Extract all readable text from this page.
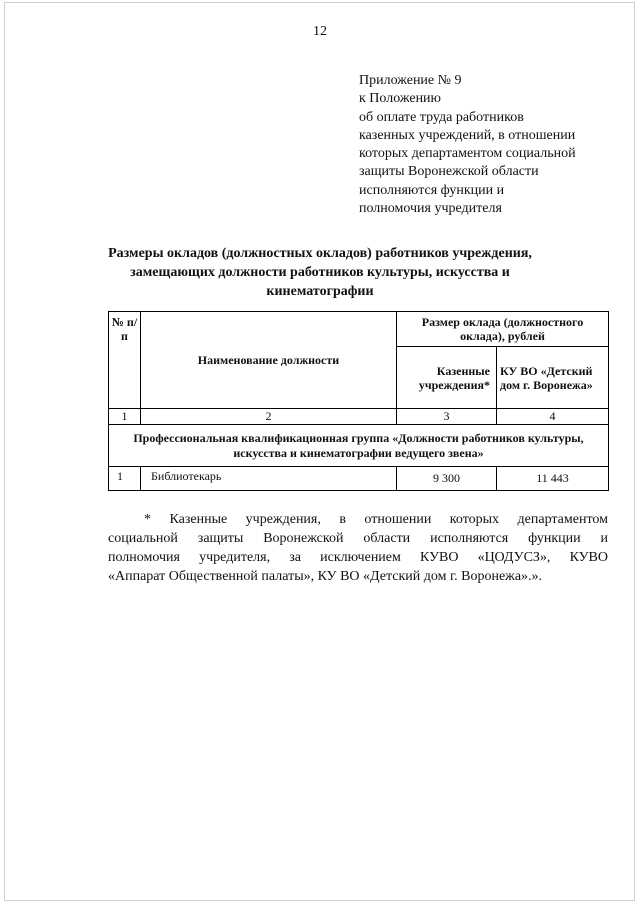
12
Приложение № 9
к Положению
об оплате труда работников
казенных учреждений, в отношении
которых департаментом социальной
защиты Воронежской области
исполняются функции и
полномочия учредителя
Размеры окладов (должностных окладов) работников учреждения,
замещающих должности работников культуры, искусства и
кинематографии
№ п/п	Наименование должности	Размер оклада (должностного оклада), рублей	
		Казенные учреждения*	КУ ВО «Детский дом г. Воронежа»
1	2	3	4
Профессиональная квалификационная группа «Должности работников культуры, искусства и кинематографии ведущего звена»			
1	Библиотекарь	9 300	11 443
* Казенные учреждения, в отношении которых департаментом
социальной защиты Воронежской области исполняются функции и
полномочия учредителя, за исключением КУВО «ЦОДУСЗ», КУВО
«Аппарат Общественной палаты», КУ ВО «Детский дом г. Воронежа».».
